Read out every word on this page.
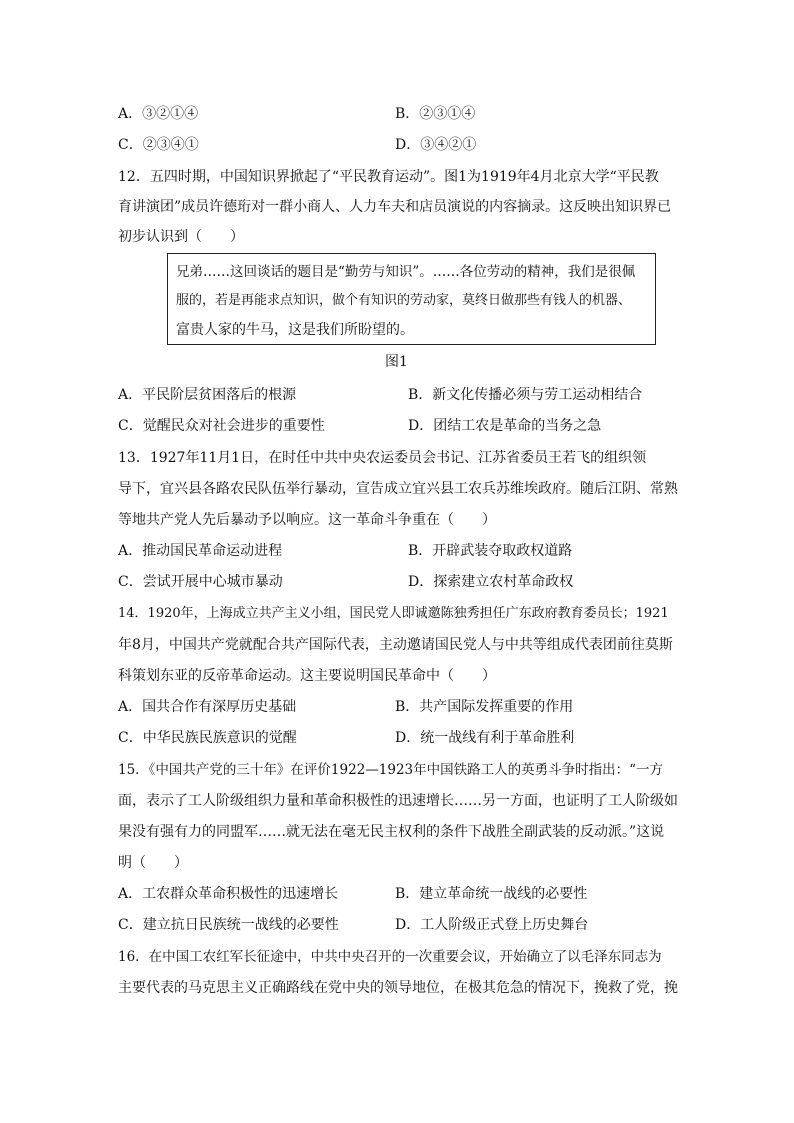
A．③②①④	B．②③①④
C．②③④①	D．③④②①
12．五四时期，中国知识界掀起了“平民教育运动”。图1为1919年4月北京大学“平民教
育讲演团”成员许德珩对一群小商人、人力车夫和店员演说的内容摘录。这反映出知识界已
初步认识到（　　）
兄弟……这回谈话的题目是“勤劳与知识”。……各位劳动的精神，我们是很佩
服的，若是再能求点知识，做个有知识的劳动家，莫终日做那些有钱人的机器、
富贵人家的牛马，这是我们所盼望的。
图1
A．平民阶层贫困落后的根源	B．新文化传播必须与劳工运动相结合
C．觉醒民众对社会进步的重要性	D．团结工农是革命的当务之急
13．1927年11月1日，在时任中共中央农运委员会书记、江苏省委员王若飞的组织领
导下，宜兴县各路农民队伍举行暴动，宣告成立宜兴县工农兵苏维埃政府。随后江阴、常熟
等地共产党人先后暴动予以响应。这一革命斗争重在（　　）
A．推动国民革命运动进程	B．开辟武装夺取政权道路
C．尝试开展中心城市暴动	D．探索建立农村革命政权
14．1920年，上海成立共产主义小组，国民党人即诚邀陈独秀担任广东政府教育委员长；1921
年8月，中国共产党就配合共产国际代表，主动邀请国民党人与中共等组成代表团前往莫斯
科策划东亚的反帝革命运动。这主要说明国民革命中（　　）
A．国共合作有深厚历史基础	B．共产国际发挥重要的作用
C．中华民族民族意识的觉醒	D．统一战线有利于革命胜利
15．《中国共产党的三十年》在评价1922—1923年中国铁路工人的英勇斗争时指出：“一方
面，表示了工人阶级组织力量和革命积极性的迅速增长……另一方面，也证明了工人阶级如
果没有强有力的同盟军……就无法在毫无民主权利的条件下战胜全副武装的反动派。”这说
明（　　）
A．工农群众革命积极性的迅速增长	B．建立革命统一战线的必要性
C．建立抗日民族统一战线的必要性	D．工人阶级正式登上历史舞台
16．在中国工农红军长征途中，中共中央召开的一次重要会议，开始确立了以毛泽东同志为
主要代表的马克思主义正确路线在党中央的领导地位，在极其危急的情况下，挽救了党，挽
